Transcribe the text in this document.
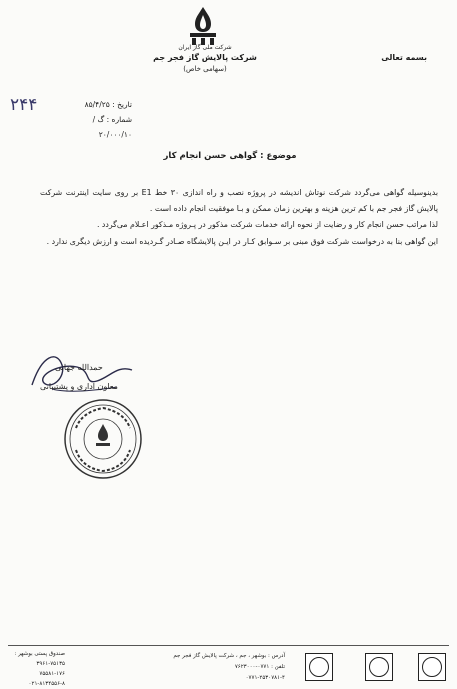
شرکت ملی گاز ایران
شرکت پالایش گاز فجر جم
(سهامی خاص)
بسمه تعالی
۲۴۴	تاریخ : ۸۵/۴/۲۵
شماره : گ /۲۰/۰۰۰/۱۰
موضوع : گواهی حسن انجام کار

بدینوسیله گواهی می‌گردد شرکت نوتاش اندیشه در پروژه نصب و راه اندازی ۳۰ خط E1 بر روی سایت اینترنت شرکت پالایش گاز فجر جم با کم ترین هزینه و بهترین زمان ممکن و بـا موفقیت انجام داده است .

لذا مراتب حسن انجام کار و رضایت از نحوه ارائه خدمات شرکت مذکور در پـروژه مـذکور اعـلام می‌گردد .

این گواهی بنا به درخواست شرکت فوق مبنی بر سـوابق کـار در ایـن پالایشگاه صـادر گـردیده است و ارزش دیگری ندارد .

حمدالله جهانی
معاون اداری و پشتیبانی
صندوق پستی بوشهر : ۷۵۱۳۵-۳۹۶۱
۷۵۵۸۱-۱۷۶
۰۲۱-۸۱۳۴۵۵۶-۸
آدرس : بوشهر ، جم ، شرکت پالایش گاز فجر جم
تلفن : ۰۷۷۱-۷۶۲۳۰۰۰
۰۷۷۱-۲۵۳۰۷۸۱-۴
